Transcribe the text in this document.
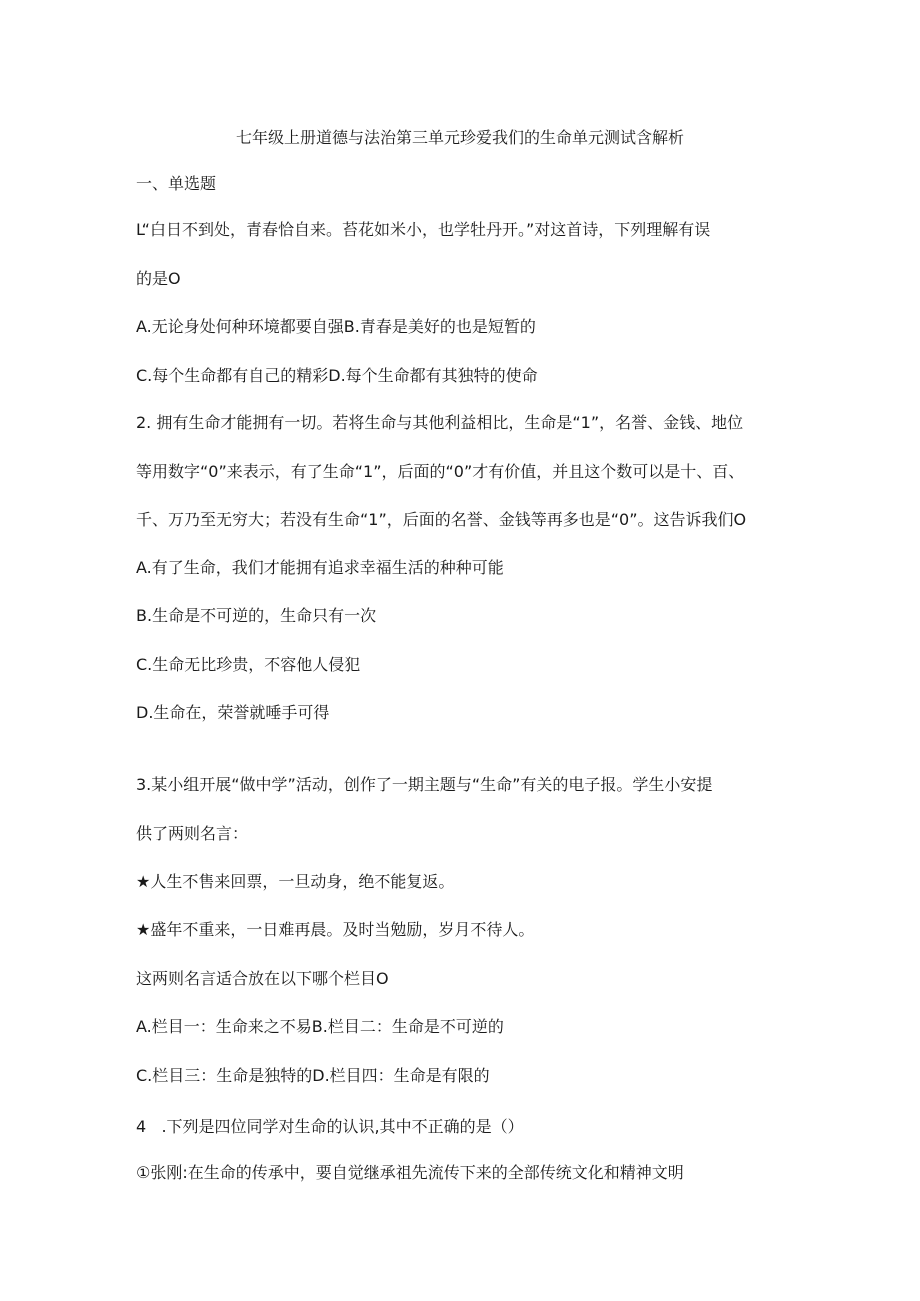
七年级上册道德与法治第三单元珍爱我们的生命单元测试含解析
一、单选题
L“白日不到处，青春恰自来。苔花如米小，也学牡丹开。”对这首诗，下列理解有误
的是O
A.无论身处何种环境都要自强B.青春是美好的也是短暂的
C.每个生命都有自己的精彩D.每个生命都有其独特的使命
2. 拥有生命才能拥有一切。若将生命与其他利益相比，生命是“1”，名誉、金钱、地位
等用数字“0”来表示，有了生命“1”，后面的“0”才有价值，并且这个数可以是十、百、
千、万乃至无穷大；若没有生命“1”，后面的名誉、金钱等再多也是“0”。这告诉我们O
A.有了生命，我们才能拥有追求幸福生活的种种可能
B.生命是不可逆的，生命只有一次
C.生命无比珍贵，不容他人侵犯
D.生命在，荣誉就唾手可得
3.某小组开展“做中学”活动，创作了一期主题与“生命”有关的电子报。学生小安提
供了两则名言：
★人生不售来回票，一旦动身，绝不能复返。
★盛年不重来，一日难再晨。及时当勉励，岁月不待人。
这两则名言适合放在以下哪个栏目O
A.栏目一：生命来之不易B.栏目二：生命是不可逆的
C.栏目三：生命是独特的D.栏目四：生命是有限的
4   .下列是四位同学对生命的认识,其中不正确的是（）
①张刚:在生命的传承中，要自觉继承祖先流传下来的全部传统文化和精神文明
